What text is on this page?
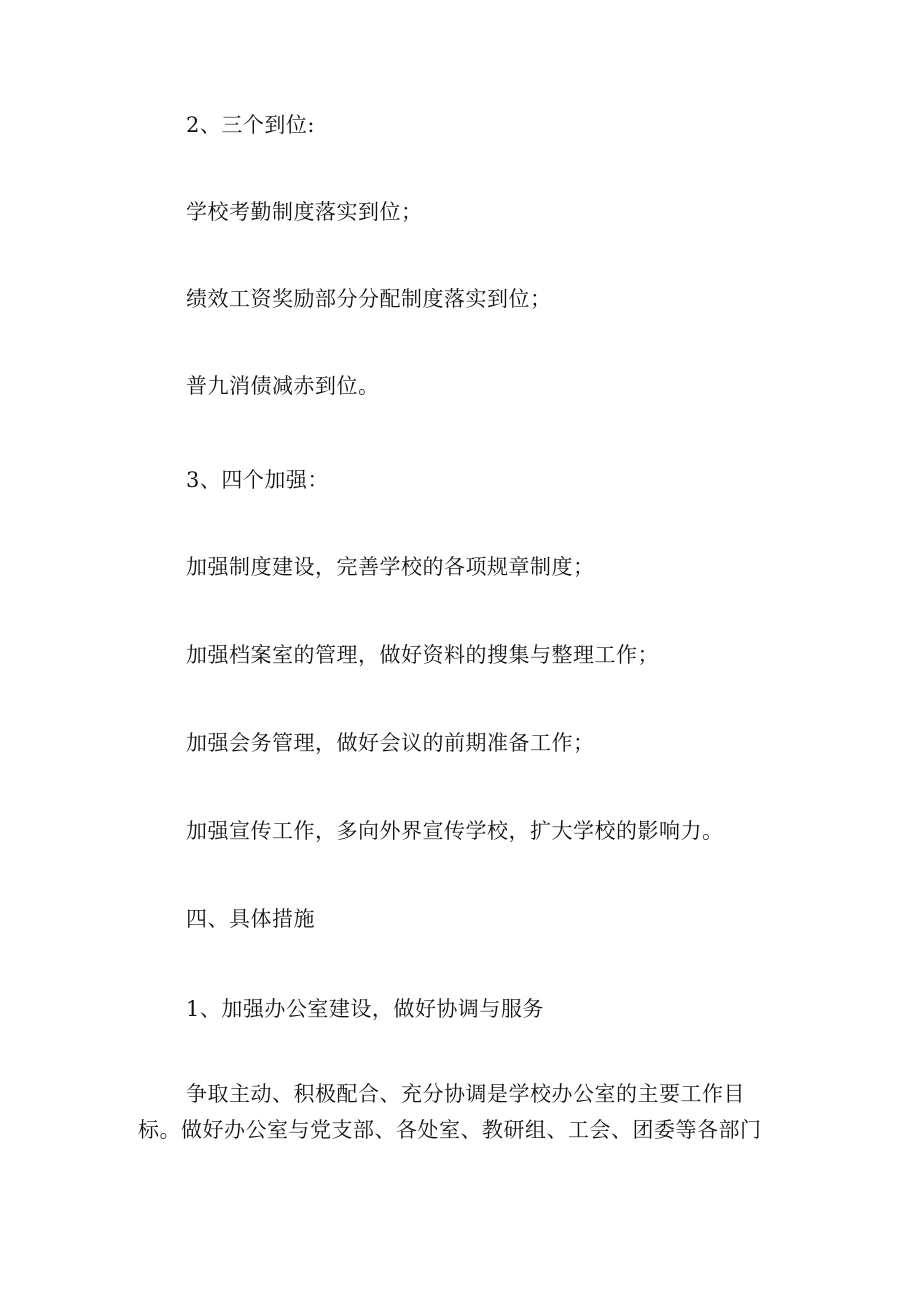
2、三个到位:
学校考勤制度落实到位；
绩效工资奖励部分分配制度落实到位；
普九消债减赤到位。
3、四个加强：
加强制度建设，完善学校的各项规章制度；
加强档案室的管理，做好资料的搜集与整理工作；
加强会务管理，做好会议的前期准备工作；
加强宣传工作，多向外界宣传学校，扩大学校的影响力。
四、具体措施
1、加强办公室建设，做好协调与服务
争取主动、积极配合、充分协调是学校办公室的主要工作目
标。做好办公室与党支部、各处室、教研组、工会、团委等各部门
